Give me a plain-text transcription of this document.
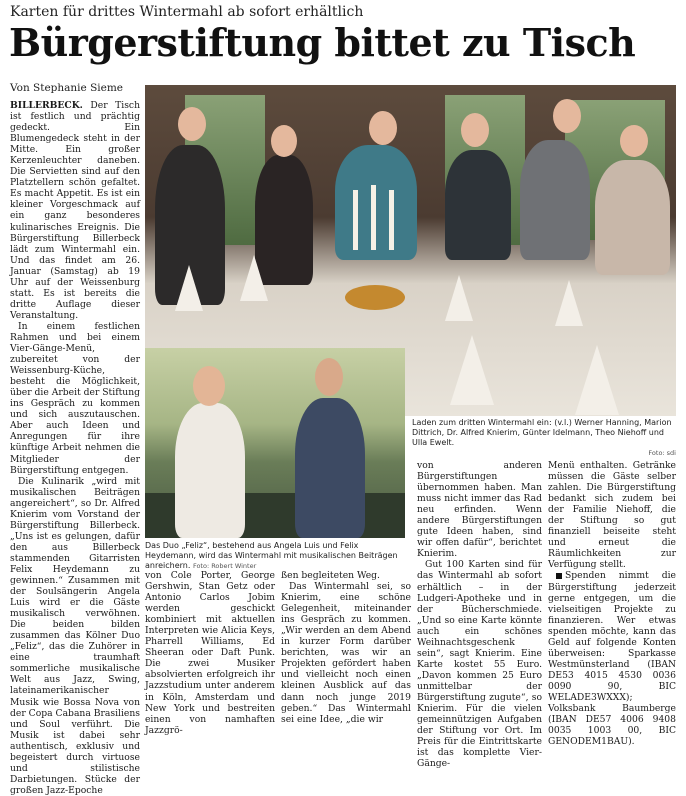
Karten für drittes Wintermahl ab sofort erhältlich
Bürgerstiftung bittet zu Tisch
Von Stephanie Sieme

BILLERBECK. Der Tisch ist festlich und prächtig gedeckt. Ein Blumengedeck steht in der Mitte. Ein großer Kerzenleuchter daneben. Die Servietten sind auf den Platztellern schön gefaltet. Es macht Appetit. Es ist ein kleiner Vorgeschmack auf ein ganz besonderes kulinarisches Ereignis. Die Bürgerstiftung Billerbeck lädt zum Wintermahl ein. Und das findet am 26. Januar (Samstag) ab 19 Uhr auf der Weissenburg statt. Es ist bereits die dritte Auflage dieser Veranstaltung.

In einem festlichen Rahmen und bei einem Vier-Gänge-Menü, zubereitet von der Weissenburg-Küche, besteht die Möglichkeit, über die Arbeit der Stiftung ins Gespräch zu kommen und sich auszutauschen. Aber auch Ideen und Anregungen für ihre künftige Arbeit nehmen die Mitglieder der Bürgerstiftung entgegen.

Die Kulinarik „wird mit musikalischen Beiträgen angereichert“, so Dr. Alfred Knierim vom Vorstand der Bürgerstiftung Billerbeck. „Uns ist es gelungen, dafür den aus Billerbeck stammenden Gitarristen Felix Heydemann zu gewinnen.“ Zusammen mit der Soulsängerin Angela Luis wird er die Gäste musikalisch verwöhnen. Die beiden bilden zusammen das Kölner Duo „Feliz“, das die Zuhörer in eine traumhaft sommerliche musikalische Welt aus Jazz, Swing, lateinamerikanischer Musik wie Bossa Nova von der Copa Cabana Brasiliens und Soul verführt. Die Musik ist dabei sehr authentisch, exklusiv und begeistert durch virtuose und stilistische Darbietungen. Stücke der großen Jazz-Epoche

Laden zum dritten Wintermahl ein: (v.l.) Werner Hanning, Marion Dittrich, Dr. Alfred Knierim, Günter Idelmann, Theo Niehoff und Ulla Ewelt.
Foto: sdi
Das Duo „Feliz“, bestehend aus Angela Luis und Felix Heydemann, wird das Wintermahl mit musikalischen Beiträgen anreichern. Foto: Robert Winter

von Cole Porter, George Gershwin, Stan Getz oder Antonio Carlos Jobim werden geschickt kombiniert mit aktuellen Interpreten wie Alicia Keys, Pharrell Williams, Ed Sheeran oder Daft Punk. Die zwei Musiker absolvierten erfolgreich ihr Jazzstudium unter anderem in Köln, Amsterdam und New York und bestreiten einen von namhaften Jazzgrö-

ßen begleiteten Weg.

Das Wintermahl sei, so Knierim, eine schöne Gelegenheit, miteinander ins Gespräch zu kommen. „Wir werden an dem Abend in kurzer Form darüber berichten, was wir an Projekten gefördert haben und vielleicht noch einen kleinen Ausblick auf das dann noch junge 2019 geben.“ Das Wintermahl sei eine Idee, „die wir

von anderen Bürgerstiftungen übernommen haben. Man muss nicht immer das Rad neu erfinden. Wenn andere Bürgerstiftungen gute Ideen haben, sind wir offen dafür“, berichtet Knierim.

Gut 100 Karten sind für das Wintermahl ab sofort erhältlich – in der Ludgeri-Apotheke und in der Bücherschmiede. „Und so eine Karte könnte auch ein schönes Weihnachtsgeschenk sein“, sagt Knierim. Eine Karte kostet 55 Euro. „Davon kommen 25 Euro unmittelbar der Bürgerstiftung zugute“, so Knierim. Für die vielen gemeinnützigen Aufgaben der Stiftung vor Ort. Im Preis für die Eintrittskarte ist das komplette Vier-Gänge-

Menü enthalten. Getränke müssen die Gäste selber zahlen. Die Bürgerstiftung bedankt sich zudem bei der Familie Niehoff, die der Stiftung so gut finanziell beiseite steht und erneut die Räumlichkeiten zur Verfügung stellt.

Spenden nimmt die Bürgerstiftung jederzeit gerne entgegen, um die vielseitigen Projekte zu finanzieren. Wer etwas spenden möchte, kann das Geld auf folgende Konten überweisen: Sparkasse Westmünsterland (IBAN DE53 4015 4530 0036 0090 90, BIC WELADE3WXXX); Volksbank Baumberge (IBAN DE57 4006 9408 0035 1003 00, BIC GENODEM1BAU).
